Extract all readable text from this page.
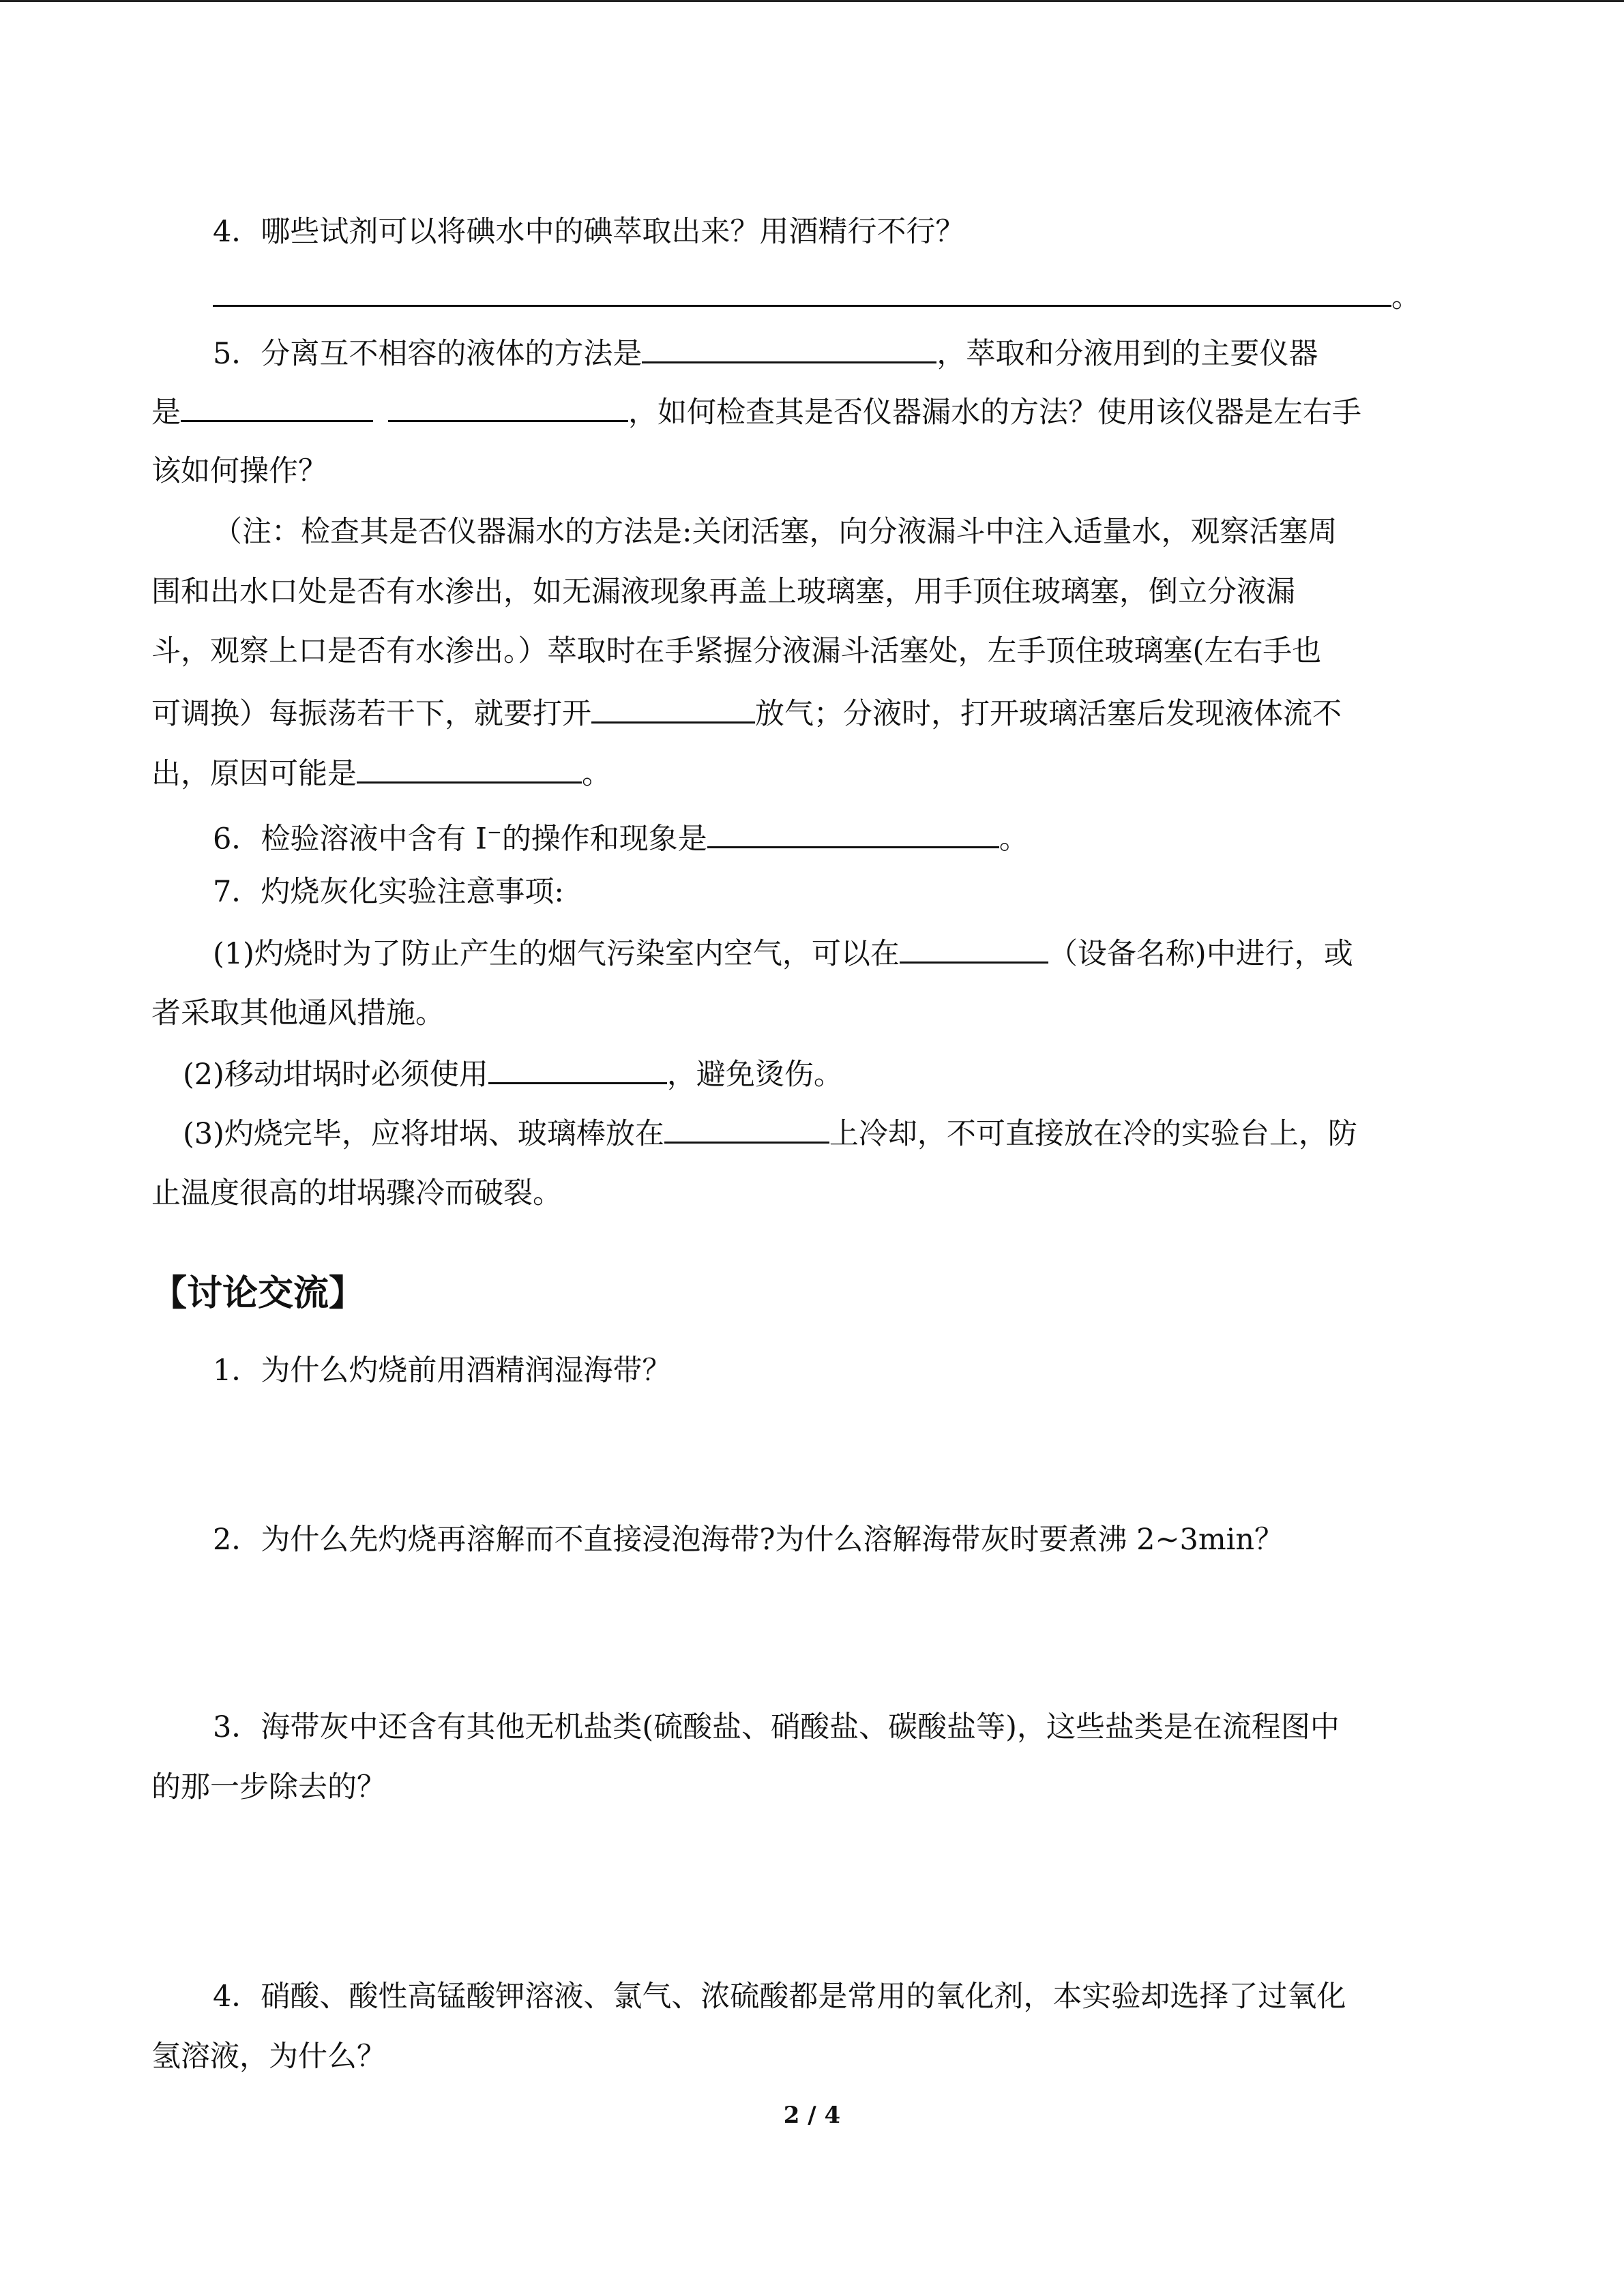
4．哪些试剂可以将碘水中的碘萃取出来？用酒精行不行？
。
5．分离互不相容的液体的方法是	，萃取和分液用到的主要仪器
是	，如何检查其是否仪器漏水的方法？使用该仪器是左右手
该如何操作？
（注：检查其是否仪器漏水的方法是:关闭活塞，向分液漏斗中注入适量水，观察活塞周
围和出水口处是否有水渗出，如无漏液现象再盖上玻璃塞，用手顶住玻璃塞，倒立分液漏
斗，观察上口是否有水渗出。）萃取时在手紧握分液漏斗活塞处，左手顶住玻璃塞(左右手也
可调换）每振荡若干下，就要打开	放气；分液时，打开玻璃活塞后发现液体流不
出，原因可能是	。
6．检验溶液中含有 I−的操作和现象是	。
7．灼烧灰化实验注意事项:
(1)灼烧时为了防止产生的烟气污染室内空气，可以在	（设备名称)中进行，或
者采取其他通风措施。
(2)移动坩埚时必须使用	，避免烫伤。
(3)灼烧完毕，应将坩埚、玻璃棒放在	上冷却，不可直接放在冷的实验台上，防
止温度很高的坩埚骤冷而破裂。
【讨论交流】
1．为什么灼烧前用酒精润湿海带？
2．为什么先灼烧再溶解而不直接浸泡海带?为什么溶解海带灰时要煮沸 2~3min？
3．海带灰中还含有其他无机盐类(硫酸盐、硝酸盐、碳酸盐等)，这些盐类是在流程图中
的那一步除去的？
4．硝酸、酸性高锰酸钾溶液、氯气、浓硫酸都是常用的氧化剂，本实验却选择了过氧化
氢溶液，为什么？
2 / 4
